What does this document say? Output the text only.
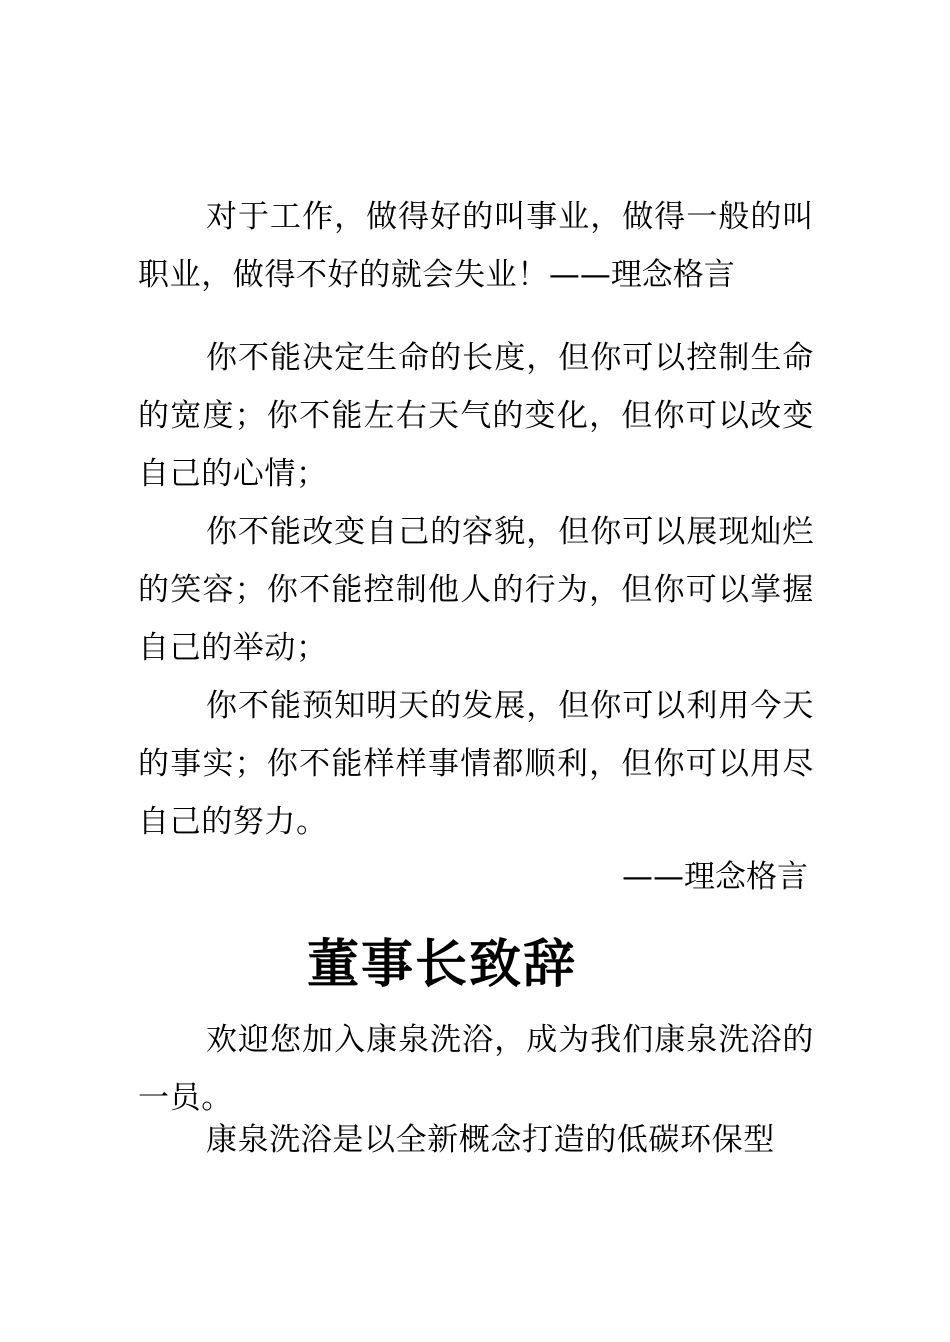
对于工作，做得好的叫事业，做得一般的叫职业，做得不好的就会失业！——理念格言

你不能决定生命的长度，但你可以控制生命的宽度；你不能左右天气的变化，但你可以改变自己的心情；

你不能改变自己的容貌，但你可以展现灿烂的笑容；你不能控制他人的行为，但你可以掌握自己的举动；

你不能预知明天的发展，但你可以利用今天的事实；你不能样样事情都顺利，但你可以用尽自己的努力。

——理念格言

董事长致辞

欢迎您加入康泉洗浴，成为我们康泉洗浴的一员。

康泉洗浴是以全新概念打造的低碳环保型
